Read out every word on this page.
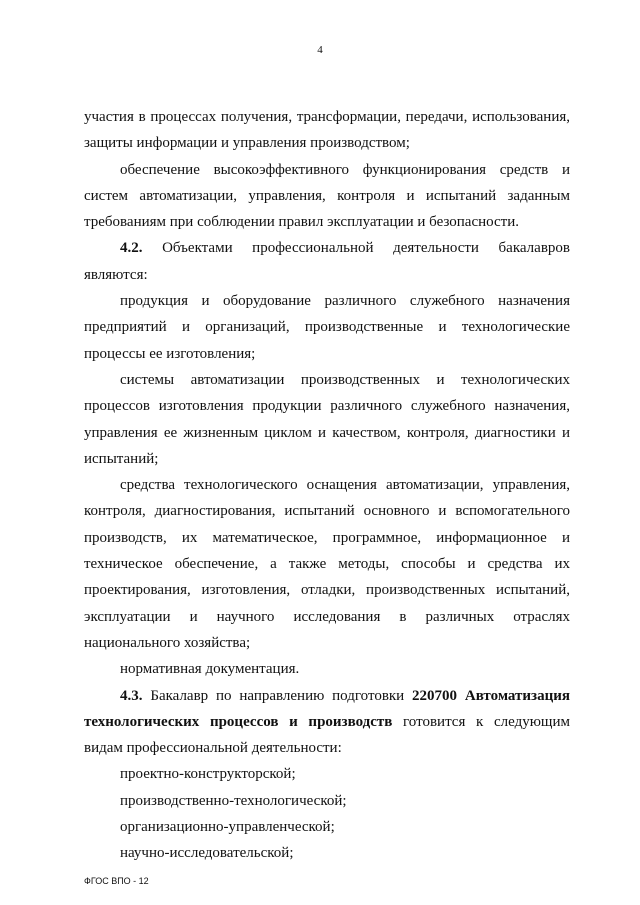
4

участия в процессах получения, трансформации, передачи, использования, защиты информации и управления производством;

обеспечение высокоэффективного функционирования средств и систем автоматизации, управления, контроля и испытаний заданным требованиям при соблюдении правил эксплуатации и безопасности.

4.2. Объектами профессиональной деятельности бакалавров являются:

продукция и оборудование различного служебного назначения предприятий и организаций, производственные и технологические процессы ее изготовления;

системы автоматизации производственных и технологических процессов изготовления продукции различного служебного назначения, управления ее жизненным циклом и качеством, контроля, диагностики и испытаний;

средства технологического оснащения автоматизации, управления, контроля, диагностирования, испытаний основного и вспомогательного производств, их математическое, программное, информационное и техническое обеспечение, а также методы, способы и средства их проектирования, изготовления, отладки, производственных испытаний, эксплуатации и научного исследования в различных отраслях национального хозяйства;

нормативная документация.

4.3. Бакалавр по направлению подготовки 220700 Автоматизация технологических процессов и производств готовится к следующим видам профессиональной деятельности:

проектно-конструкторской;

производственно-технологической;

организационно-управленческой;

научно-исследовательской;

ФГОС ВПО - 12
